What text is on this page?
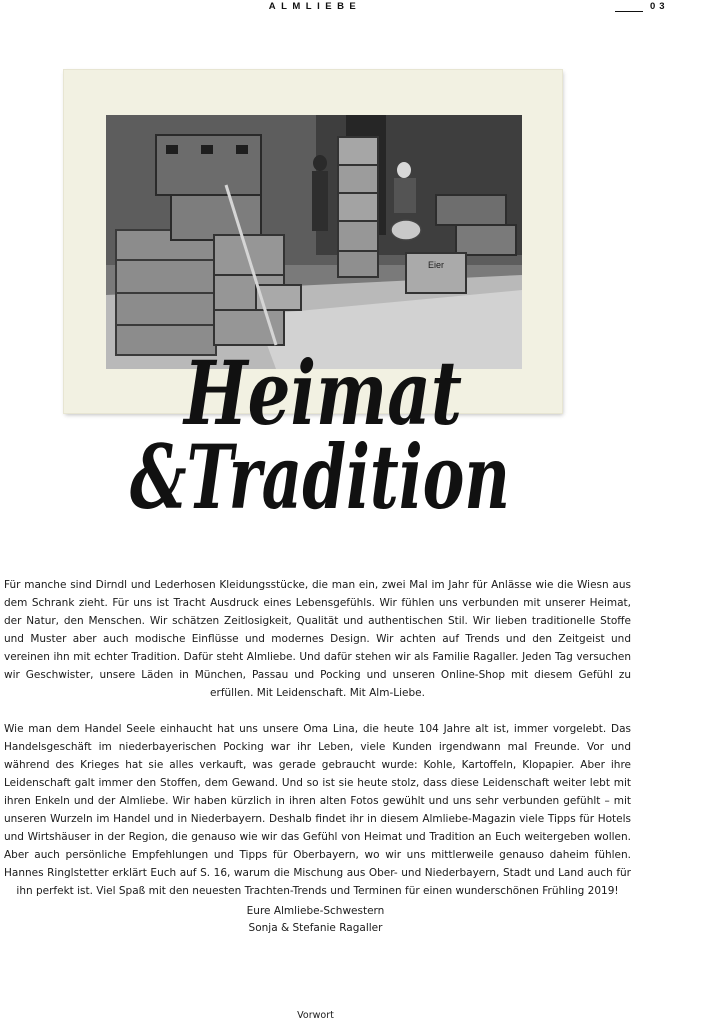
ALMLIEBE	03
Eier
Heimat
&Tradition

Für manche sind Dirndl und Lederhosen Kleidungsstücke, die man ein, zwei Mal im Jahr für Anlässe wie die Wiesn aus dem Schrank zieht. Für uns ist Tracht Ausdruck eines Lebensgefühls. Wir fühlen uns verbunden mit unserer Heimat, der Natur, den Menschen. Wir schätzen Zeitlosigkeit, Qualität und authentischen Stil. Wir lieben traditionelle Stoffe und Muster aber auch modische Einflüsse und modernes Design. Wir achten auf Trends und den Zeitgeist und vereinen ihn mit echter Tradition. Dafür steht Almliebe. Und dafür stehen wir als Familie Ragaller. Jeden Tag versuchen wir Geschwister, unsere Läden in München, Passau und Pocking und unseren Online-Shop mit diesem Gefühl zu erfüllen. Mit Leidenschaft. Mit Alm-Liebe.

Wie man dem Handel Seele einhaucht hat uns unsere Oma Lina, die heute 104 Jahre alt ist, immer vorgelebt. Das Handelsgeschäft im niederbayerischen Pocking war ihr Leben, viele Kunden irgendwann mal Freunde. Vor und während des Krieges hat sie alles verkauft, was gerade gebraucht wurde: Kohle, Kartoffeln, Klopapier. Aber ihre Leidenschaft galt immer den Stoffen, dem Gewand. Und so ist sie heute stolz, dass diese Leidenschaft weiter lebt mit ihren Enkeln und der Almliebe. Wir haben kürzlich in ihren alten Fotos gewühlt und uns sehr verbunden gefühlt – mit unseren Wurzeln im Handel und in Niederbayern. Deshalb findet ihr in diesem Almliebe-Magazin viele Tipps für Hotels und Wirtshäuser in der Region, die genauso wie wir das Gefühl von Heimat und Tradition an Euch weitergeben wollen. Aber auch persönliche Empfehlungen und Tipps für Oberbayern, wo wir uns mittlerweile genauso daheim fühlen. Hannes Ringlstetter erklärt Euch auf S. 16, warum die Mischung aus Ober- und Niederbayern, Stadt und Land auch für ihn perfekt ist. Viel Spaß mit den neuesten Trachten-Trends und Terminen für einen wunderschönen Frühling 2019!

Eure Almliebe-Schwestern
Sonja & Stefanie Ragaller
Vorwort
